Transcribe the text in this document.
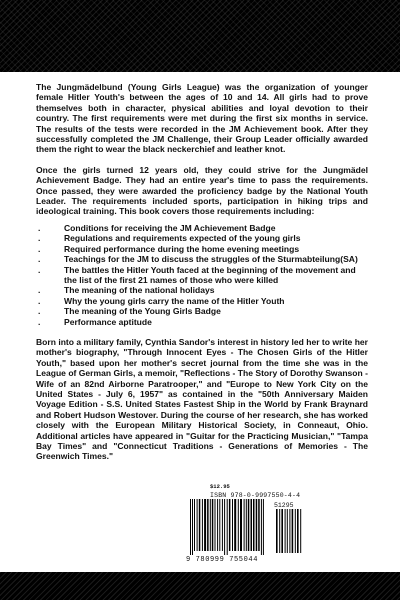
The Jungmädelbund (Young Girls League) was the organization of younger female Hitler Youth's between the ages of 10 and 14. All girls had to prove themselves both in character, physical abilities and loyal devotion to their country. The first requirements were met during the first six months in service. The results of the tests were recorded in the JM Achievement book. After they successfully completed the JM Challenge, their Group Leader officially awarded them the right to wear the black neckerchief and leather knot.

Once the girls turned 12 years old, they could strive for the Jungmädel Achievement Badge. They had an entire year's time to pass the requirements. Once passed, they were awarded the proficiency badge by the National Youth Leader. The requirements included sports, participation in hiking trips and ideological training. This book covers those requirements including:

.	Conditions for receiving the JM Achievement Badge
.	Regulations and requirements expected of the young girls
.	Required performance during the home evening meetings
.	Teachings for the JM to discuss the struggles of the Sturmabteilung(SA)
.	The battles the Hitler Youth faced at the beginning of the movement and the list of the first 21 names of those who were killed
.	The meaning of the national holidays
.	Why the young girls carry the name of the Hitler Youth
.	The meaning of the Young Girls Badge
.	Performance aptitude

Born into a military family, Cynthia Sandor's interest in history led her to write her mother's biography, "Through Innocent Eyes - The Chosen Girls of the Hitler Youth," based upon her mother's secret journal from the time she was in the League of German Girls, a memoir, "Reflections - The Story of Dorothy Swanson - Wife of an 82nd Airborne Paratrooper," and "Europe to New York City on the United States - July 6, 1957" as contained in the "50th Anniversary Maiden Voyage Edition - S.S. United States Fastest Ship in the World by Frank Braynard and Robert Hudson Westover. During the course of her research, she has worked closely with the European Military Historical Society, in Conneaut, Ohio. Additional articles have appeared in "Guitar for the Practicing Musician," "Tampa Bay Times" and "Connecticut Traditions - Generations of Memories - The Greenwich Times."

$12.95
ISBN 978-0-9997550-4-4
51295
9 780999 755044
